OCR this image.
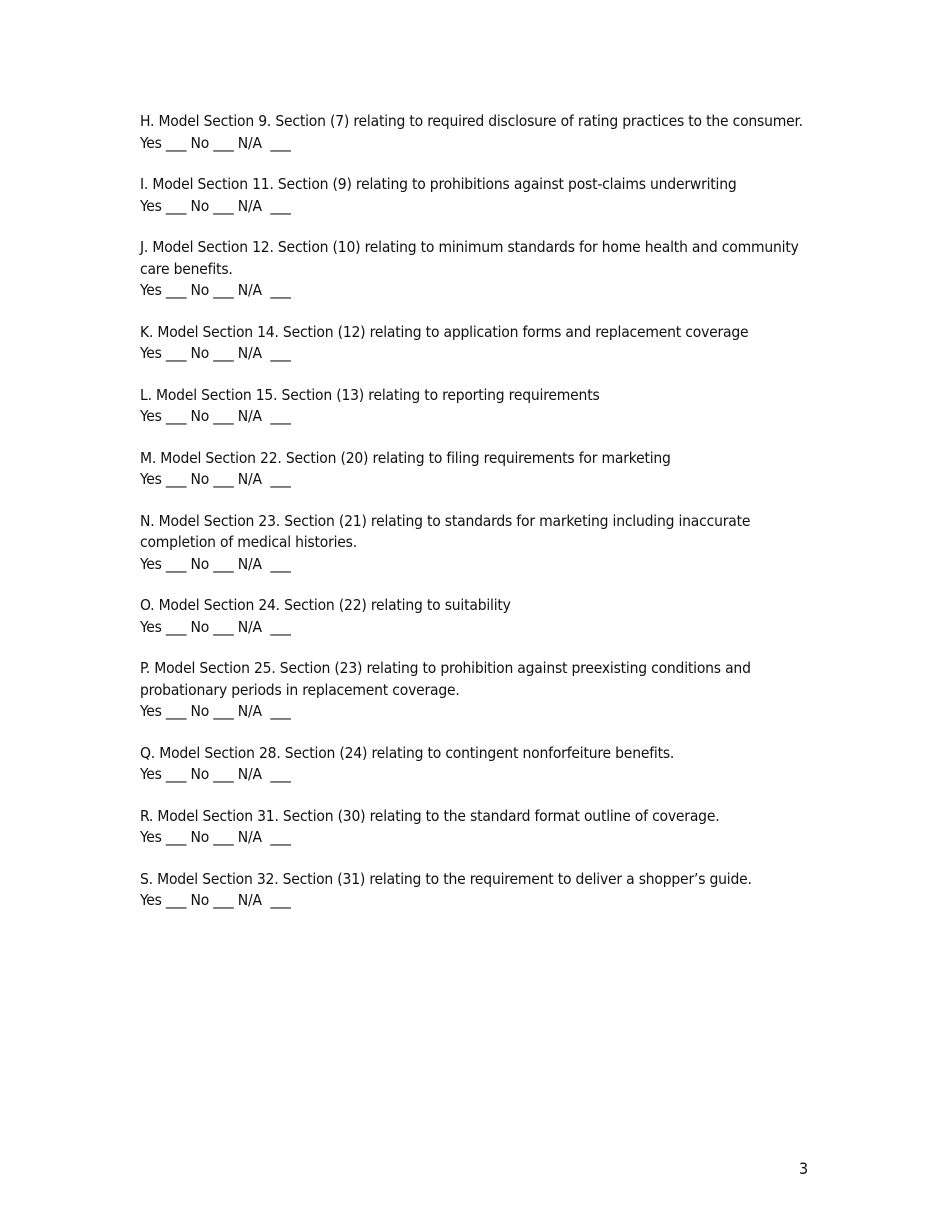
H. Model Section 9. Section (7) relating to required disclosure of rating practices to the consumer.
Yes ___ No ___ N/A  ___
I. Model Section 11. Section (9) relating to prohibitions against post-claims underwriting
Yes ___ No ___ N/A  ___
J. Model Section 12. Section (10) relating to minimum standards for home health and community care benefits.
Yes ___ No ___ N/A  ___
K. Model Section 14. Section (12) relating to application forms and replacement coverage
Yes ___ No ___ N/A  ___
L. Model Section 15. Section (13) relating to reporting requirements
Yes ___ No ___ N/A  ___
M. Model Section 22. Section (20) relating to filing requirements for marketing
Yes ___ No ___ N/A  ___
N. Model Section 23. Section (21) relating to standards for marketing including inaccurate completion of medical histories.
Yes ___ No ___ N/A  ___
O. Model Section 24. Section (22) relating to suitability
Yes ___ No ___ N/A  ___
P. Model Section 25. Section (23) relating to prohibition against preexisting conditions and probationary periods in replacement coverage.
Yes ___ No ___ N/A  ___
Q. Model Section 28. Section (24) relating to contingent nonforfeiture benefits.
Yes ___ No ___ N/A  ___
R. Model Section 31. Section (30) relating to the standard format outline of coverage.
Yes ___ No ___ N/A  ___
S. Model Section 32. Section (31) relating to the requirement to deliver a shopper’s guide.
Yes ___ No ___ N/A  ___
3
